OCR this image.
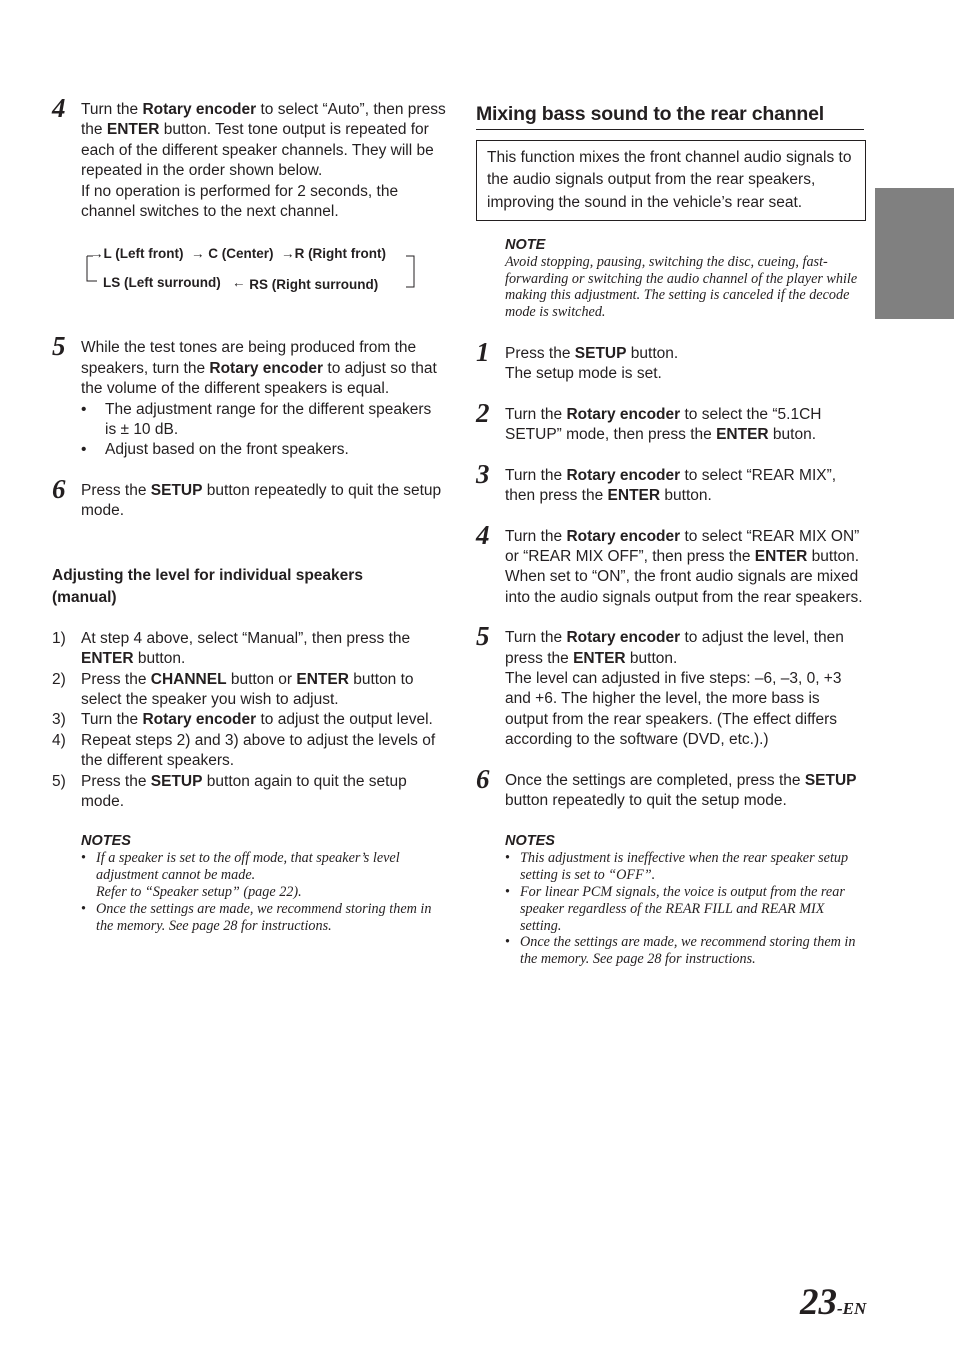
4 Turn the Rotary encoder to select “Auto”, then press the ENTER button. Test tone output is repeated for each of the different speaker channels. They will be repeated in the order shown below.
If no operation is performed for 2 seconds, the channel switches to the next channel.
→L (Left front)  → C (Center)  →R (Right front)
LS (Left surround)   ← RS (Right surround)
5 While the test tones are being produced from the speakers, turn the Rotary encoder to adjust so that the volume of the different speakers is equal.
• The adjustment range for the different speakers is ± 10 dB.
• Adjust based on the front speakers.
6 Press the SETUP button repeatedly to quit the setup mode.
Adjusting the level for individual speakers (manual)
1) At step 4 above, select “Manual”, then press the ENTER button.
2) Press the CHANNEL button or ENTER button to select the speaker you wish to adjust.
3) Turn the Rotary encoder to adjust the output level.
4) Repeat steps 2) and 3) above to adjust the levels of the different speakers.
5) Press the SETUP button again to quit the setup mode.
NOTES
• If a speaker is set to the off mode, that speaker’s level adjustment cannot be made.
Refer to “Speaker setup” (page 22).
• Once the settings are made, we recommend storing them in the memory. See page 28 for instructions.
Mixing bass sound to the rear channel
This function mixes the front channel audio signals to the audio signals output from the rear speakers, improving the sound in the vehicle’s rear seat.
NOTE
Avoid stopping, pausing, switching the disc, cueing, fast-forwarding or switching the audio channel of the player while making this adjustment. The setting is canceled if the decode mode is switched.
1 Press the SETUP button.
The setup mode is set.
2 Turn the Rotary encoder to select the “5.1CH SETUP” mode, then press the ENTER buton.
3 Turn the Rotary encoder to select “REAR MIX”, then press the ENTER button.
4 Turn the Rotary encoder to select “REAR MIX ON” or “REAR MIX OFF”, then press the ENTER button.
When set to “ON”, the front audio signals are mixed into the audio signals output from the rear speakers.
5 Turn the Rotary encoder to adjust the level, then press the ENTER button.
The level can adjusted in five steps: –6, –3, 0, +3 and +6. The higher the level, the more bass is output from the rear speakers. (The effect differs according to the software (DVD, etc.).)
6 Once the settings are completed, press the SETUP button repeatedly to quit the setup mode.
NOTES
• This adjustment is ineffective when the rear speaker setup setting is set to “OFF”.
• For linear PCM signals, the voice is output from the rear speaker regardless of the REAR FILL and REAR MIX setting.
• Once the settings are made, we recommend storing them in the memory. See page 28 for instructions.
23-EN
